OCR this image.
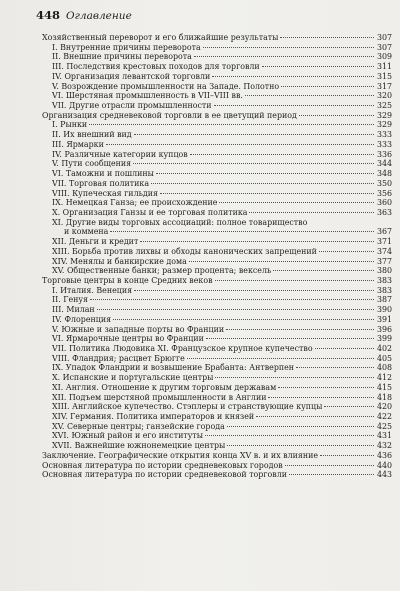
448 Оглавление
Хозяйственный переворот и его ближайшие результаты	307
I. Внутренние причины переворота	307
II. Внешние причины переворота	309
III. Последствия крестовых походов для торговли	311
IV. Организация левантской торговли	315
V. Возрождение промышленности на Западе. Полотно	317
VI. Шерстяная промышленность в VII–VIII вв.	320
VII. Другие отрасли промышленности	325
Организация средневековой торговли в ее цветущий период	329
I. Рынки	329
II. Их внешний вид	333
III. Ярмарки	333
IV. Различные категории купцов	336
V. Пути сообщения	344
VI. Таможни и пошлины	348
VII. Торговая политика	350
VIII. Купеческая гильдия	356
IX. Немецкая Ганза; ее происхождение	360
X. Организация Ганзы и ее торговая политика	363
XI. Другие виды торговых ассоциаций: полное товарищество
и коммена	367
XII. Деньги и кредит	371
XIII. Борьба против лихвы и обходы канонических запрещений	374
XIV. Менялы и банкирские дома	377
XV. Общественные банки; размер процента; вексель	380
Торговые центры в конце Средних веков	383
I. Италия. Венеция	383
II. Генуя	387
III. Милан	390
IV. Флоренция	391
V. Южные и западные порты во Франции	396
VI. Ярмарочные центры во Франции	399
VII. Политика Людовика XI. Французское крупное купечество	402
VIII. Фландрия; расцвет Брюгге	405
IX. Упадок Фландрии и возвышение Брабанта: Антверпен	408
X. Испанские и португальские центры	412
XI. Англия. Отношение к другим торговым державам	415
XII. Подъем шерстяной промышленности в Англии	418
XIII. Английское купечество. Стэплеры и странствующие купцы	420
XIV. Германия. Политика императоров и князей	422
XV. Северные центры; ганзейские города	425
XVI. Южный район и его институты	431
XVII. Важнейшие южнонемецкие центры	432
Заключение. Географические открытия конца XV в. и их влияние	436
Основная литература по истории средневековых городов	440
Основная литература по истории средневековой торговли	443
